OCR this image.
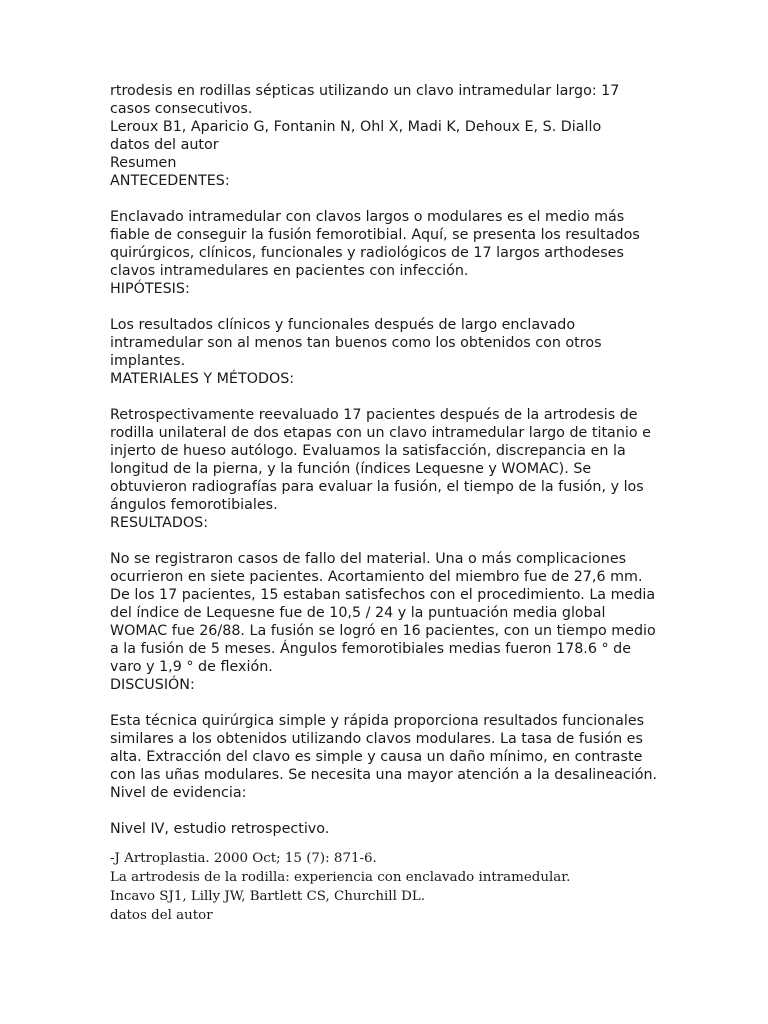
rtrodesis en rodillas sépticas utilizando un clavo intramedular largo: 17
casos consecutivos.
Leroux B1, Aparicio G, Fontanin N, Ohl X, Madi K, Dehoux E, S. Diallo
datos del autor
Resumen
ANTECEDENTES:
Enclavado intramedular con clavos largos o modulares es el medio más
fiable de conseguir la fusión femorotibial. Aquí, se presenta los resultados
quirúrgicos, clínicos, funcionales y radiológicos de 17 largos arthodeses
clavos intramedulares en pacientes con infección.
HIPÓTESIS:
Los resultados clínicos y funcionales después de largo enclavado
intramedular son al menos tan buenos como los obtenidos con otros
implantes.
MATERIALES Y MÉTODOS:
Retrospectivamente reevaluado 17 pacientes después de la artrodesis de
rodilla unilateral de dos etapas con un clavo intramedular largo de titanio e
injerto de hueso autólogo. Evaluamos la satisfacción, discrepancia en la
longitud de la pierna, y la función (índices Lequesne y WOMAC). Se
obtuvieron radiografías para evaluar la fusión, el tiempo de la fusión, y los
ángulos femorotibiales.
RESULTADOS:
No se registraron casos de fallo del material. Una o más complicaciones
ocurrieron en siete pacientes. Acortamiento del miembro fue de 27,6 mm.
De los 17 pacientes, 15 estaban satisfechos con el procedimiento. La media
del índice de Lequesne fue de 10,5 / 24 y la puntuación media global
WOMAC fue 26/88. La fusión se logró en 16 pacientes, con un tiempo medio
a la fusión de 5 meses. Ángulos femorotibiales medias fueron 178.6 ° de
varo y 1,9 ° de flexión.
DISCUSIÓN:
Esta técnica quirúrgica simple y rápida proporciona resultados funcionales
similares a los obtenidos utilizando clavos modulares. La tasa de fusión es
alta. Extracción del clavo es simple y causa un daño mínimo, en contraste
con las uñas modulares. Se necesita una mayor atención a la desalineación.
Nivel de evidencia:
Nivel IV, estudio retrospectivo.
-J Artroplastia. 2000 Oct; 15 (7): 871-6.
La artrodesis de la rodilla: experiencia con enclavado intramedular.
Incavo SJ1, Lilly JW, Bartlett CS, Churchill DL.
datos del autor
